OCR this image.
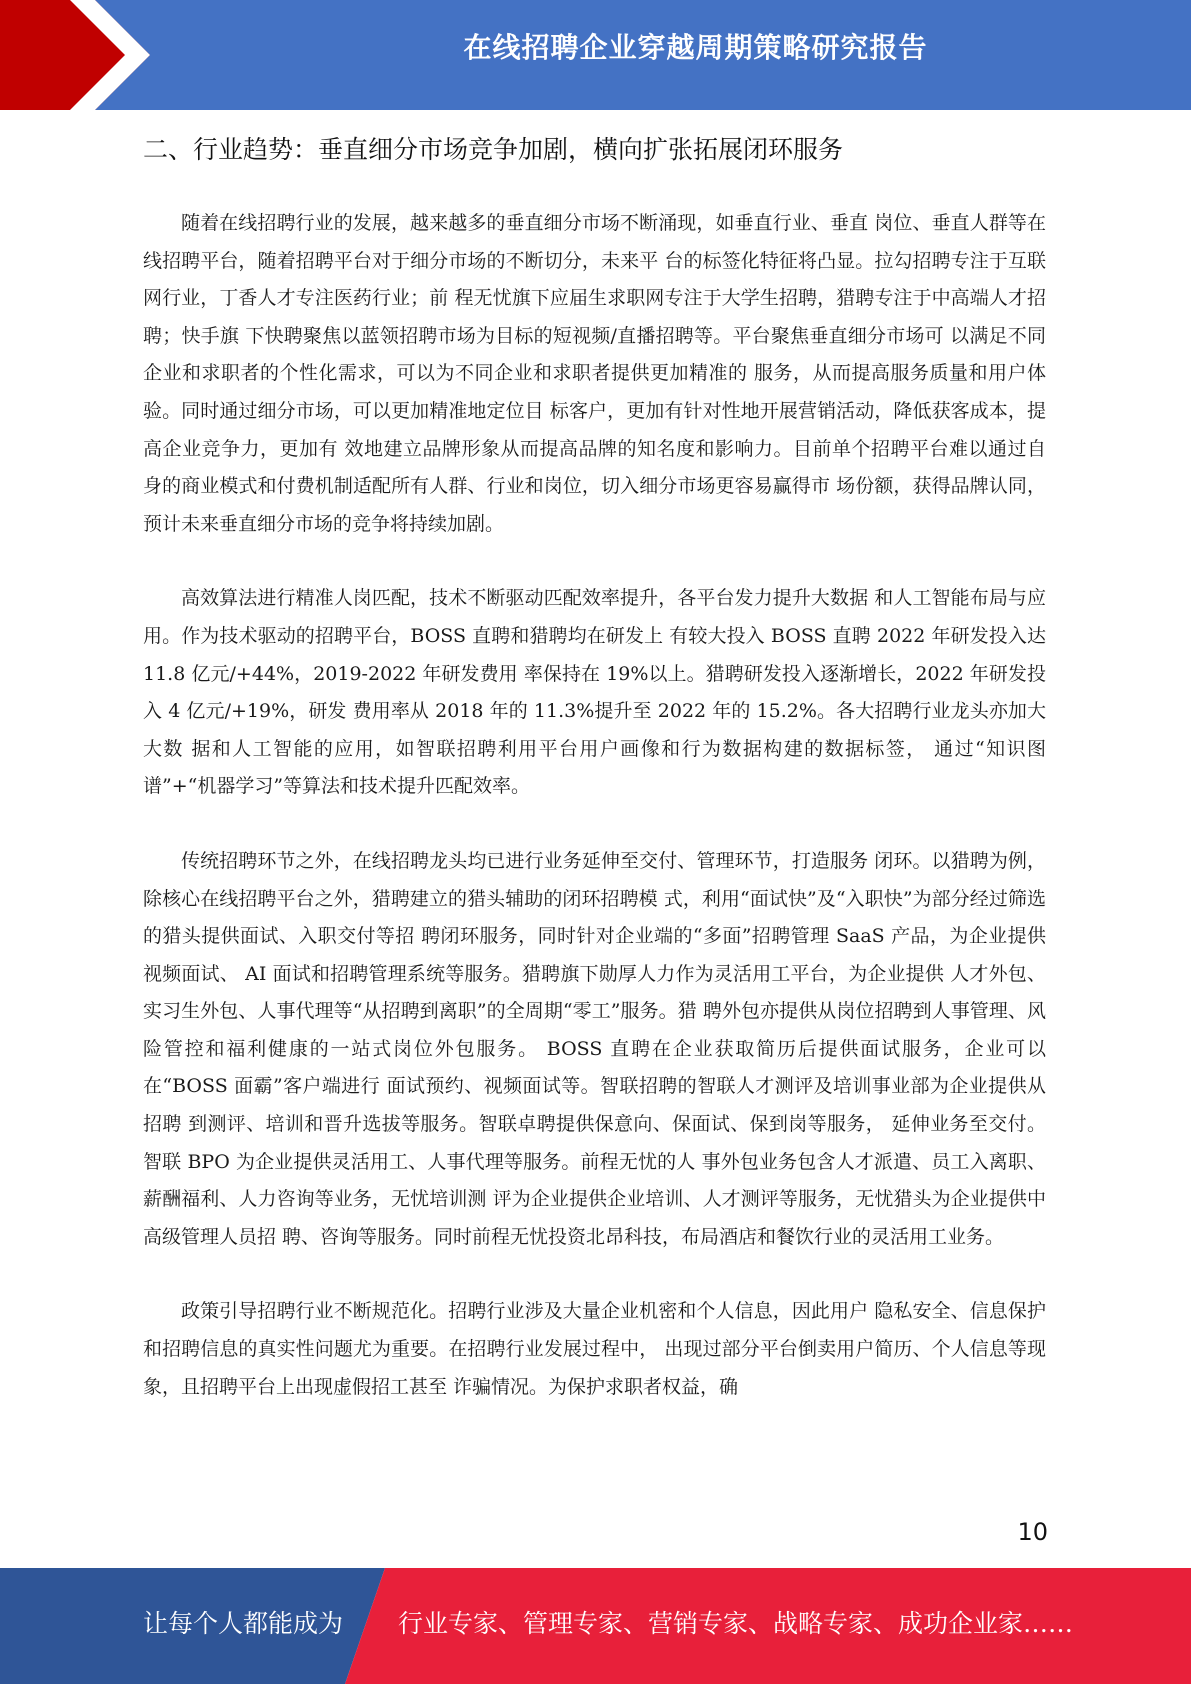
在线招聘企业穿越周期策略研究报告
二、行业趋势：垂直细分市场竞争加剧，横向扩张拓展闭环服务

随着在线招聘行业的发展，越来越多的垂直细分市场不断涌现，如垂直行业、垂直 岗位、垂直人群等在线招聘平台，随着招聘平台对于细分市场的不断切分，未来平 台的标签化特征将凸显。拉勾招聘专注于互联网行业，丁香人才专注医药行业；前 程无忧旗下应届生求职网专注于大学生招聘，猎聘专注于中高端人才招聘；快手旗 下快聘聚焦以蓝领招聘市场为目标的短视频/直播招聘等。平台聚焦垂直细分市场可 以满足不同企业和求职者的个性化需求，可以为不同企业和求职者提供更加精准的 服务，从而提高服务质量和用户体验。同时通过细分市场，可以更加精准地定位目 标客户，更加有针对性地开展营销活动，降低获客成本，提高企业竞争力，更加有 效地建立品牌形象从而提高品牌的知名度和影响力。目前单个招聘平台难以通过自 身的商业模式和付费机制适配所有人群、行业和岗位，切入细分市场更容易赢得市 场份额，获得品牌认同，预计未来垂直细分市场的竞争将持续加剧。

高效算法进行精准人岗匹配，技术不断驱动匹配效率提升，各平台发力提升大数据 和人工智能布局与应用。作为技术驱动的招聘平台，BOSS 直聘和猎聘均在研发上 有较大投入 BOSS 直聘 2022 年研发投入达 11.8 亿元/+44%，2019-2022 年研发费用 率保持在 19%以上。猎聘研发投入逐渐增长，2022 年研发投入 4 亿元/+19%，研发 费用率从 2018 年的 11.3%提升至 2022 年的 15.2%。各大招聘行业龙头亦加大大数 据和人工智能的应用，如智联招聘利用平台用户画像和行为数据构建的数据标签， 通过“知识图谱”+“机器学习”等算法和技术提升匹配效率。

传统招聘环节之外，在线招聘龙头均已进行业务延伸至交付、管理环节，打造服务 闭环。以猎聘为例，除核心在线招聘平台之外，猎聘建立的猎头辅助的闭环招聘模 式，利用“面试快”及“入职快”为部分经过筛选的猎头提供面试、入职交付等招 聘闭环服务，同时针对企业端的“多面”招聘管理 SaaS 产品，为企业提供视频面试、 AI 面试和招聘管理系统等服务。猎聘旗下勋厚人力作为灵活用工平台，为企业提供 人才外包、实习生外包、人事代理等“从招聘到离职”的全周期“零工”服务。猎 聘外包亦提供从岗位招聘到人事管理、风险管控和福利健康的一站式岗位外包服务。 BOSS 直聘在企业获取简历后提供面试服务，企业可以在“BOSS 面霸”客户端进行 面试预约、视频面试等。智联招聘的智联人才测评及培训事业部为企业提供从招聘 到测评、培训和晋升选拔等服务。智联卓聘提供保意向、保面试、保到岗等服务， 延伸业务至交付。智联 BPO 为企业提供灵活用工、人事代理等服务。前程无忧的人 事外包业务包含人才派遣、员工入离职、薪酬福利、人力咨询等业务，无忧培训测 评为企业提供企业培训、人才测评等服务，无忧猎头为企业提供中高级管理人员招 聘、咨询等服务。同时前程无忧投资北昂科技，布局酒店和餐饮行业的灵活用工业务。

政策引导招聘行业不断规范化。招聘行业涉及大量企业机密和个人信息，因此用户 隐私安全、信息保护和招聘信息的真实性问题尤为重要。在招聘行业发展过程中， 出现过部分平台倒卖用户简历、个人信息等现象，且招聘平台上出现虚假招工甚至 诈骗情况。为保护求职者权益，确

10
让每个人都能成为 行业专家、管理专家、营销专家、战略专家、成功企业家……
